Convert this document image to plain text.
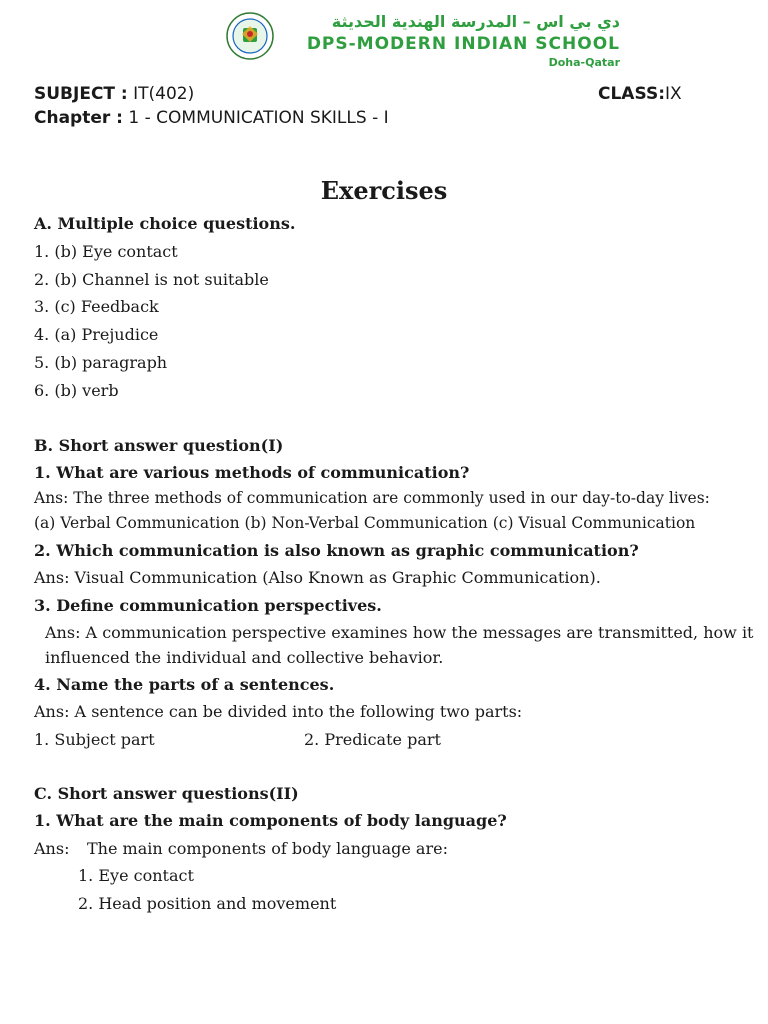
دي بي اس – المدرسة الهندية الحديثة
DPS-MODERN INDIAN SCHOOL
Doha-Qatar
SUBJECT : IT(402)	CLASS:IX
Chapter : 1 - COMMUNICATION SKILLS - I
Exercises
A. Multiple choice questions.
1. (b) Eye contact
2. (b) Channel is not suitable
3. (c) Feedback
4. (a) Prejudice
5. (b) paragraph
6. (b) verb
B. Short answer question(I)
1. What are various methods of communication?
Ans: The three methods of communication are commonly used in our day-to-day lives:
(a) Verbal Communication (b) Non-Verbal Communication (c) Visual Communication
2. Which communication is also known as graphic communication?
Ans: Visual Communication (Also Known as Graphic Communication).
3. Define communication perspectives.
Ans: A communication perspective examines how the messages are transmitted, how it
influenced the individual and collective behavior.
4. Name the parts of a sentences.
Ans: A sentence can be divided into the following two parts:
1. Subject part	2. Predicate part
C. Short answer questions(II)
1. What are the main components of body language?
Ans: The main components of body language are:
1. Eye contact
2. Head position and movement
